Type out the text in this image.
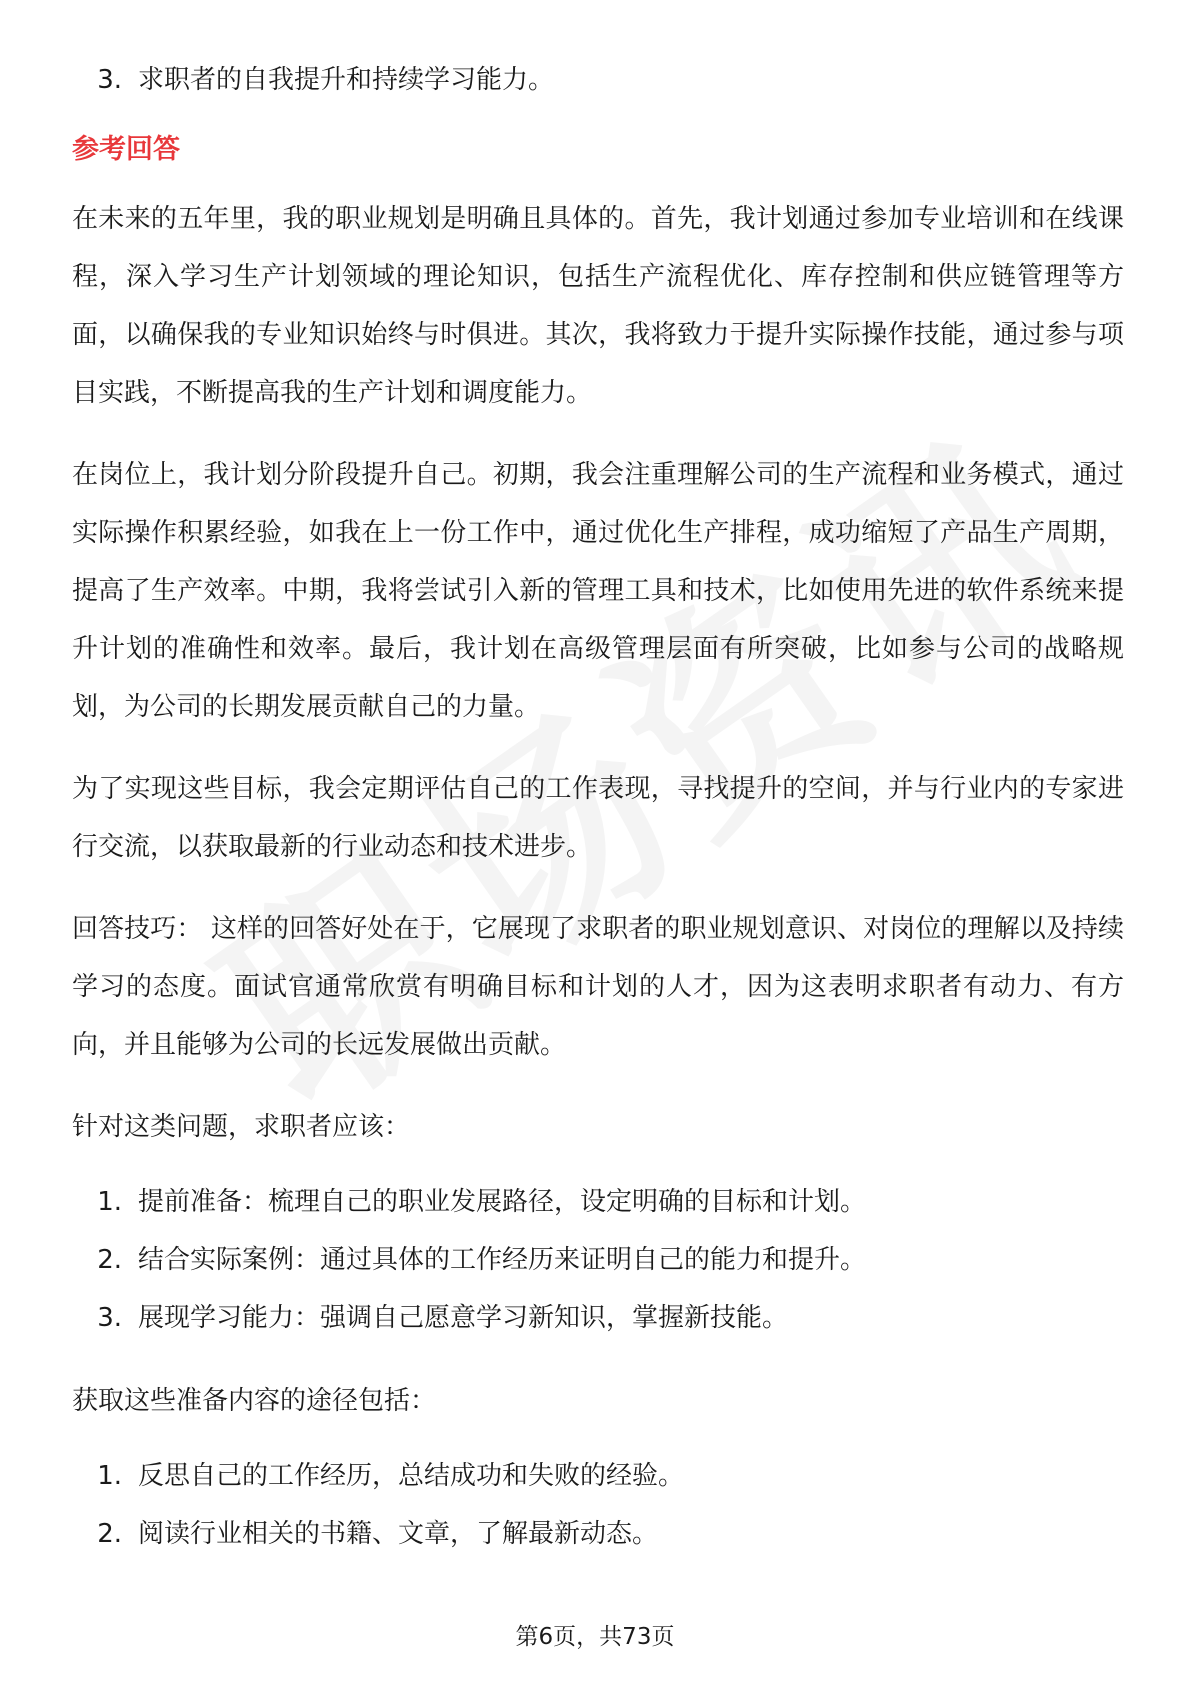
3. 求职者的自我提升和持续学习能力。
参考回答

在未来的五年里，我的职业规划是明确且具体的。首先，我计划通过参加专业培训和在线课程，深入学习生产计划领域的理论知识，包括生产流程优化、库存控制和供应链管理等方面，以确保我的专业知识始终与时俱进。其次，我将致力于提升实际操作技能，通过参与项目实践，不断提高我的生产计划和调度能力。

在岗位上，我计划分阶段提升自己。初期，我会注重理解公司的生产流程和业务模式，通过实际操作积累经验，如我在上一份工作中，通过优化生产排程，成功缩短了产品生产周期，提高了生产效率。中期，我将尝试引入新的管理工具和技术，比如使用先进的软件系统来提升计划的准确性和效率。最后，我计划在高级管理层面有所突破，比如参与公司的战略规划，为公司的长期发展贡献自己的力量。

为了实现这些目标，我会定期评估自己的工作表现，寻找提升的空间，并与行业内的专家进行交流，以获取最新的行业动态和技术进步。

回答技巧： 这样的回答好处在于，它展现了求职者的职业规划意识、对岗位的理解以及持续学习的态度。面试官通常欣赏有明确目标和计划的人才，因为这表明求职者有动力、有方向，并且能够为公司的长远发展做出贡献。

针对这类问题，求职者应该：

1. 提前准备：梳理自己的职业发展路径，设定明确的目标和计划。
2. 结合实际案例：通过具体的工作经历来证明自己的能力和提升。
3. 展现学习能力：强调自己愿意学习新知识，掌握新技能。

获取这些准备内容的途径包括：

1. 反思自己的工作经历，总结成功和失败的经验。
2. 阅读行业相关的书籍、文章，了解最新动态。
第6页，共73页
